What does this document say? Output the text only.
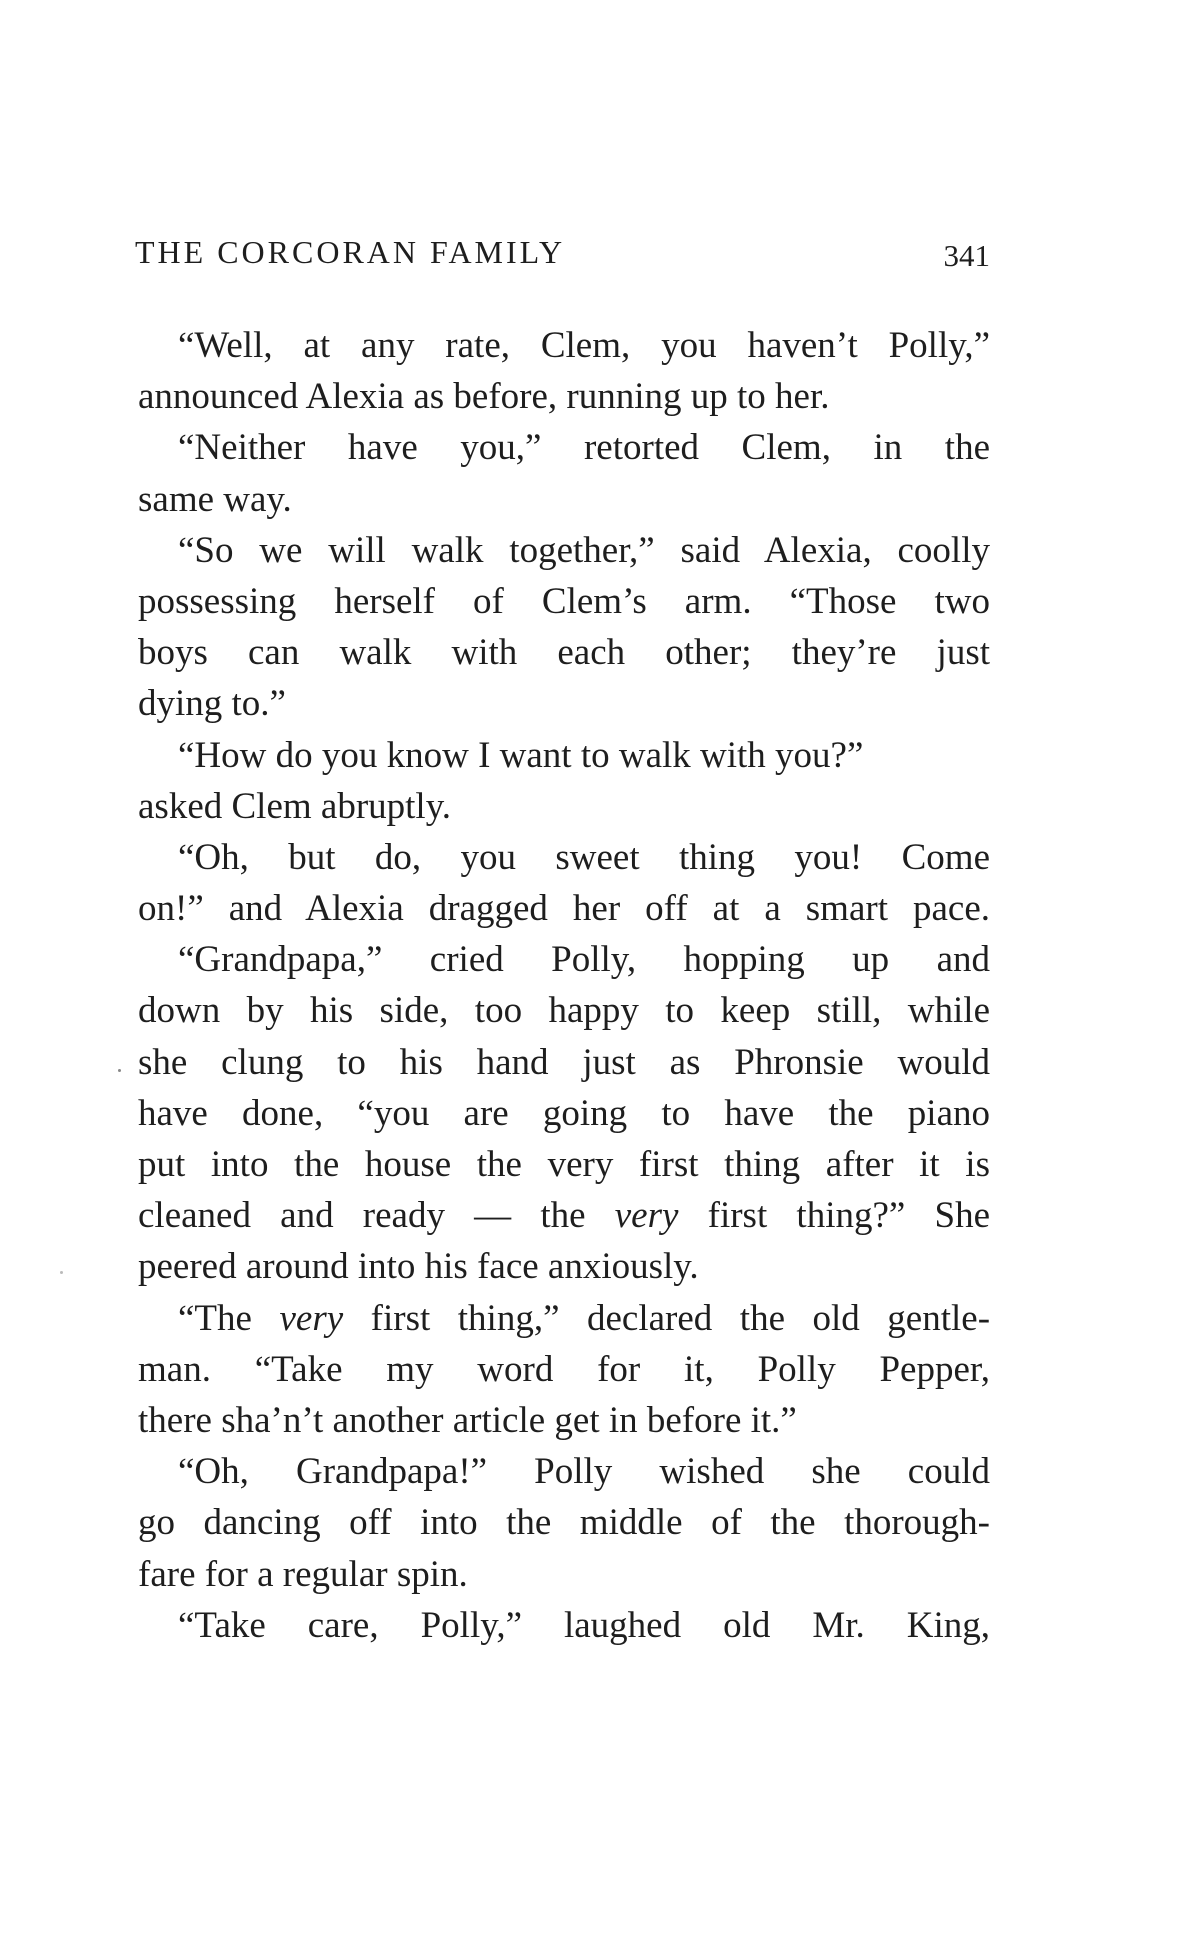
THE CORCORAN FAMILY	341
“Well, at any rate, Clem, you haven’t Polly,”
announced Alexia as before, running up to her.
“Neither have you,” retorted Clem, in the
same way.
“So we will walk together,” said Alexia, coolly
possessing herself of Clem’s arm. “Those two
boys can walk with each other; they’re just
dying to.”
“How do you know I want to walk with you?”
asked Clem abruptly.
“Oh, but do, you sweet thing you! Come
on!” and Alexia dragged her off at a smart pace.
“Grandpapa,” cried Polly, hopping up and
down by his side, too happy to keep still, while
she clung to his hand just as Phronsie would
have done, “you are going to have the piano
put into the house the very first thing after it is
cleaned and ready — the very first thing?” She
peered around into his face anxiously.
“The very first thing,” declared the old gentle-
man. “Take my word for it, Polly Pepper,
there sha’n’t another article get in before it.”
“Oh, Grandpapa!” Polly wished she could
go dancing off into the middle of the thorough-
fare for a regular spin.
“Take care, Polly,” laughed old Mr. King,
